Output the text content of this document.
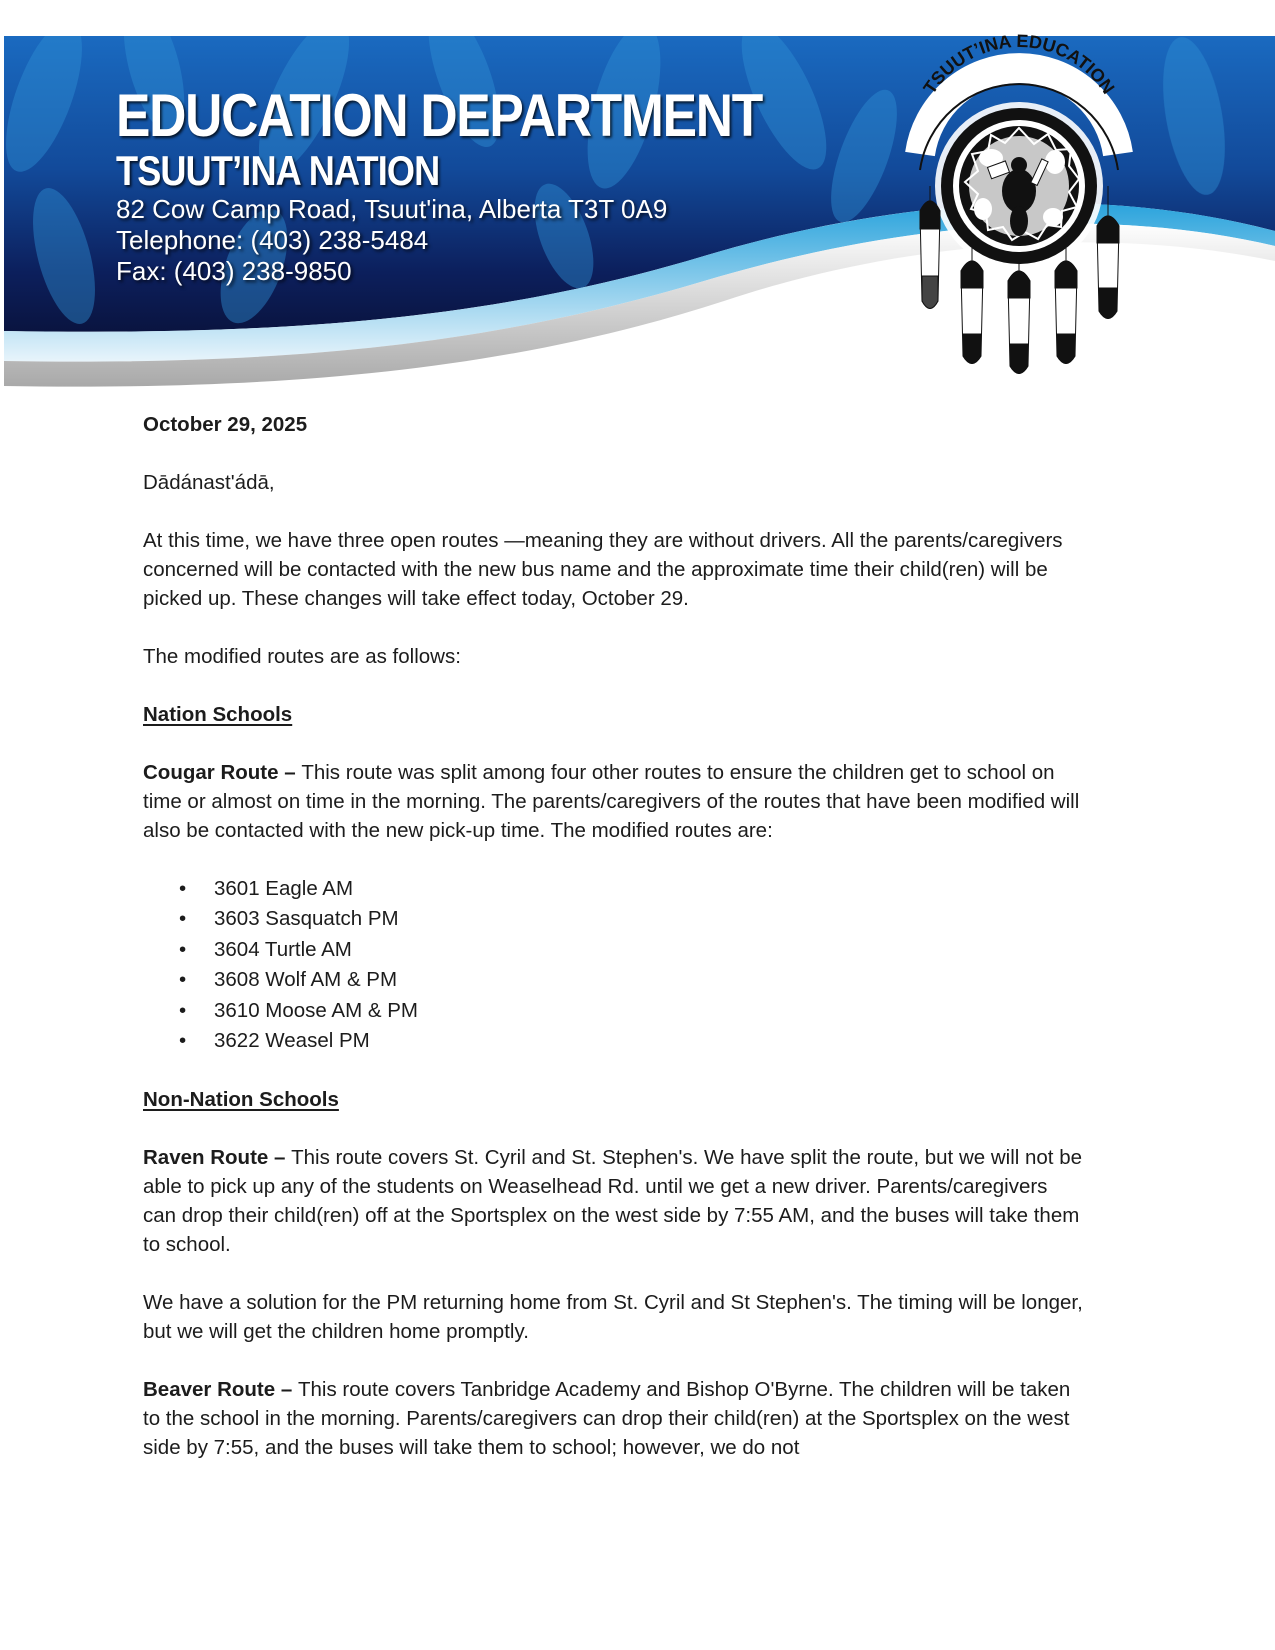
EDUCATION DEPARTMENT
TSUUT’INA NATION
82 Cow Camp Road, Tsuut'ina, Alberta T3T 0A9
Telephone: (403) 238-5484
Fax: (403) 238-9850
TSUUT’INA EDUCATION

October 29, 2025

Dādánast'ádā,

At this time, we have three open routes —meaning they are without drivers. All the parents/caregivers concerned will be contacted with the new bus name and the approximate time their child(ren) will be picked up. These changes will take effect today, October 29.

The modified routes are as follows:

Nation Schools

Cougar Route – This route was split among four other routes to ensure the children get to school on time or almost on time in the morning. The parents/caregivers of the routes that have been modified will also be contacted with the new pick-up time. The modified routes are:

• 3601 Eagle AM
• 3603 Sasquatch PM
• 3604 Turtle AM
• 3608 Wolf AM & PM
• 3610 Moose AM & PM
• 3622 Weasel PM

Non-Nation Schools

Raven Route – This route covers St. Cyril and St. Stephen's. We have split the route, but we will not be able to pick up any of the students on Weaselhead Rd. until we get a new driver. Parents/caregivers can drop their child(ren) off at the Sportsplex on the west side by 7:55 AM, and the buses will take them to school.

We have a solution for the PM returning home from St. Cyril and St Stephen's. The timing will be longer, but we will get the children home promptly.

Beaver Route – This route covers Tanbridge Academy and Bishop O'Byrne. The children will be taken to the school in the morning. Parents/caregivers can drop their child(ren) at the Sportsplex on the west side by 7:55, and the buses will take them to school; however, we do not
